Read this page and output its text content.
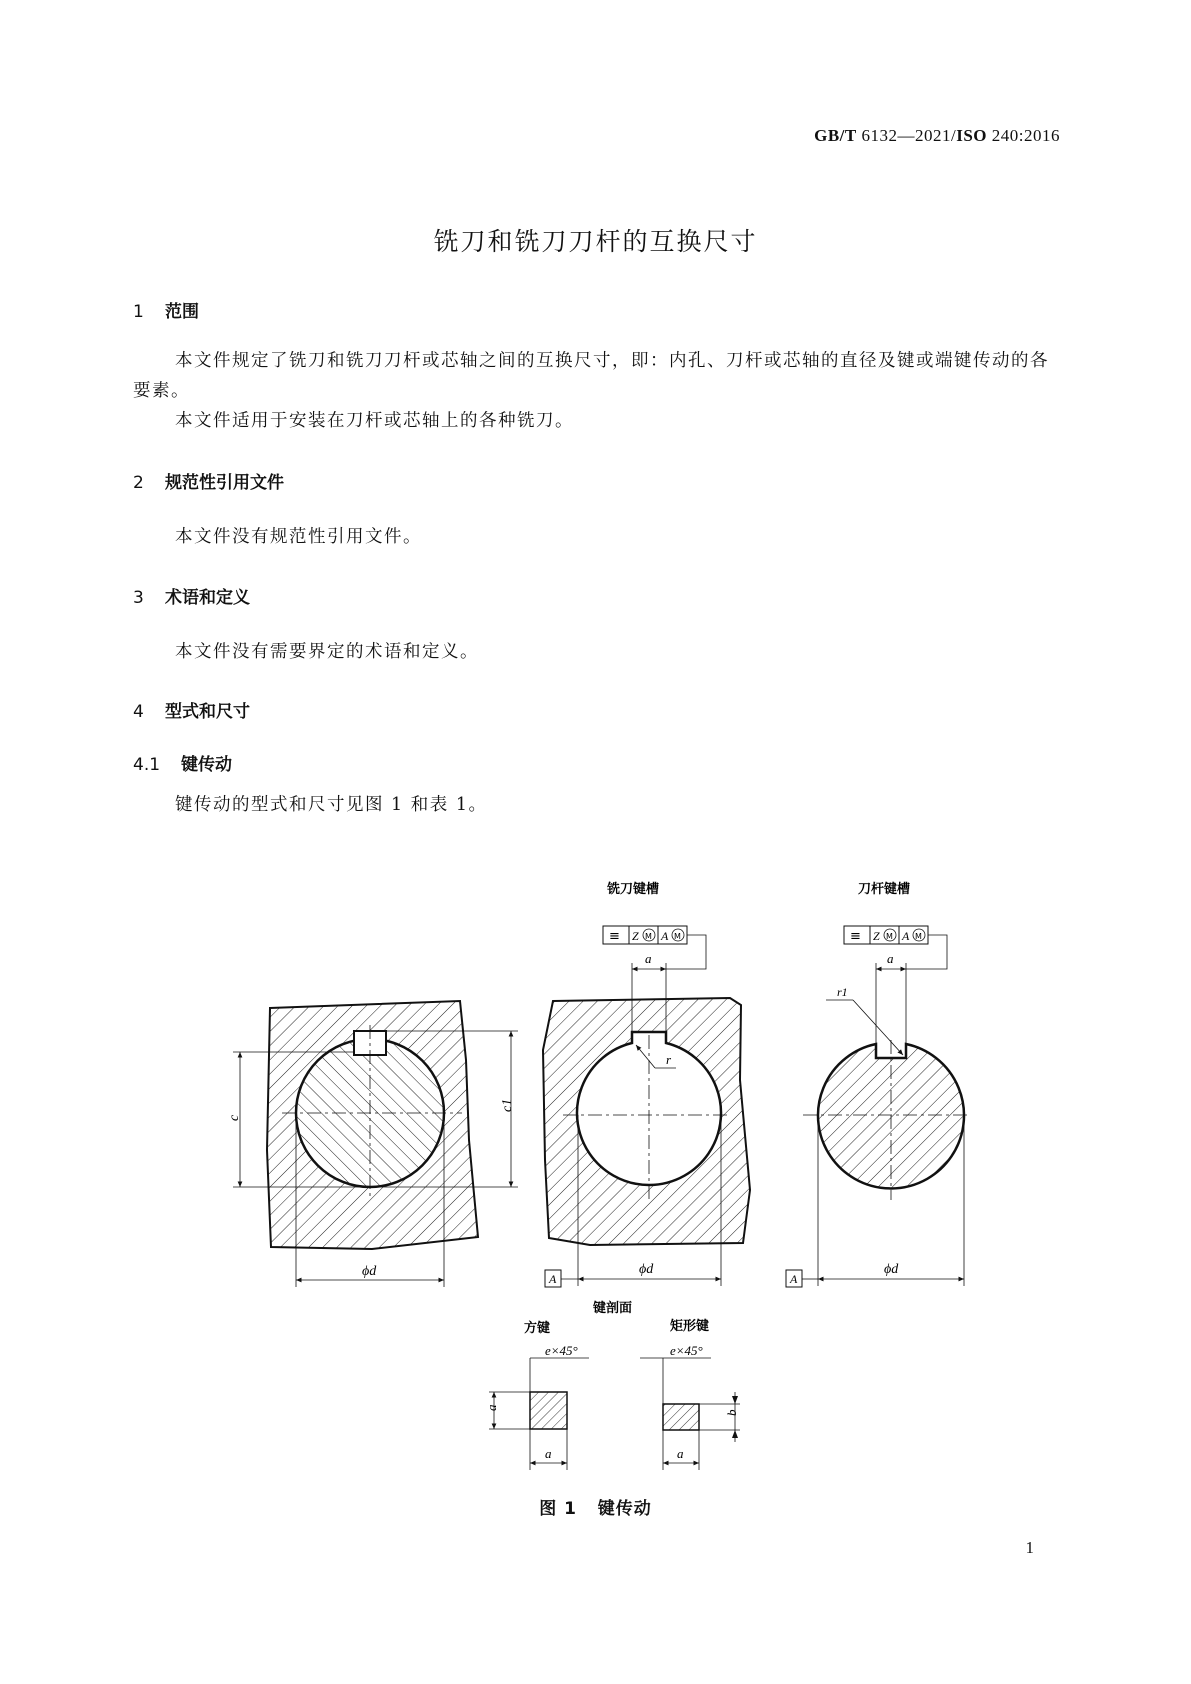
GB/T 6132—2021/ISO 240:2016
铣刀和铣刀刀杆的互换尺寸
1 范围
本文件规定了铣刀和铣刀刀杆或芯轴之间的互换尺寸，即：内孔、刀杆或芯轴的直径及键或端键传动的各要素。
本文件适用于安装在刀杆或芯轴上的各种铣刀。
2 规范性引用文件
本文件没有规范性引用文件。
3 术语和定义
本文件没有需要界定的术语和定义。
4 型式和尺寸
4.1 键传动
键传动的型式和尺寸见图 1 和表 1。
c
c1
ϕd
铣刀键槽
≡ Z M A M
a
r
ϕd
A
刀杆键槽
≡ Z M A M
a
r1
ϕd
A
键剖面
方键	矩形键
e×45°
a
a
e×45°
b
a
图 1 键传动
1
